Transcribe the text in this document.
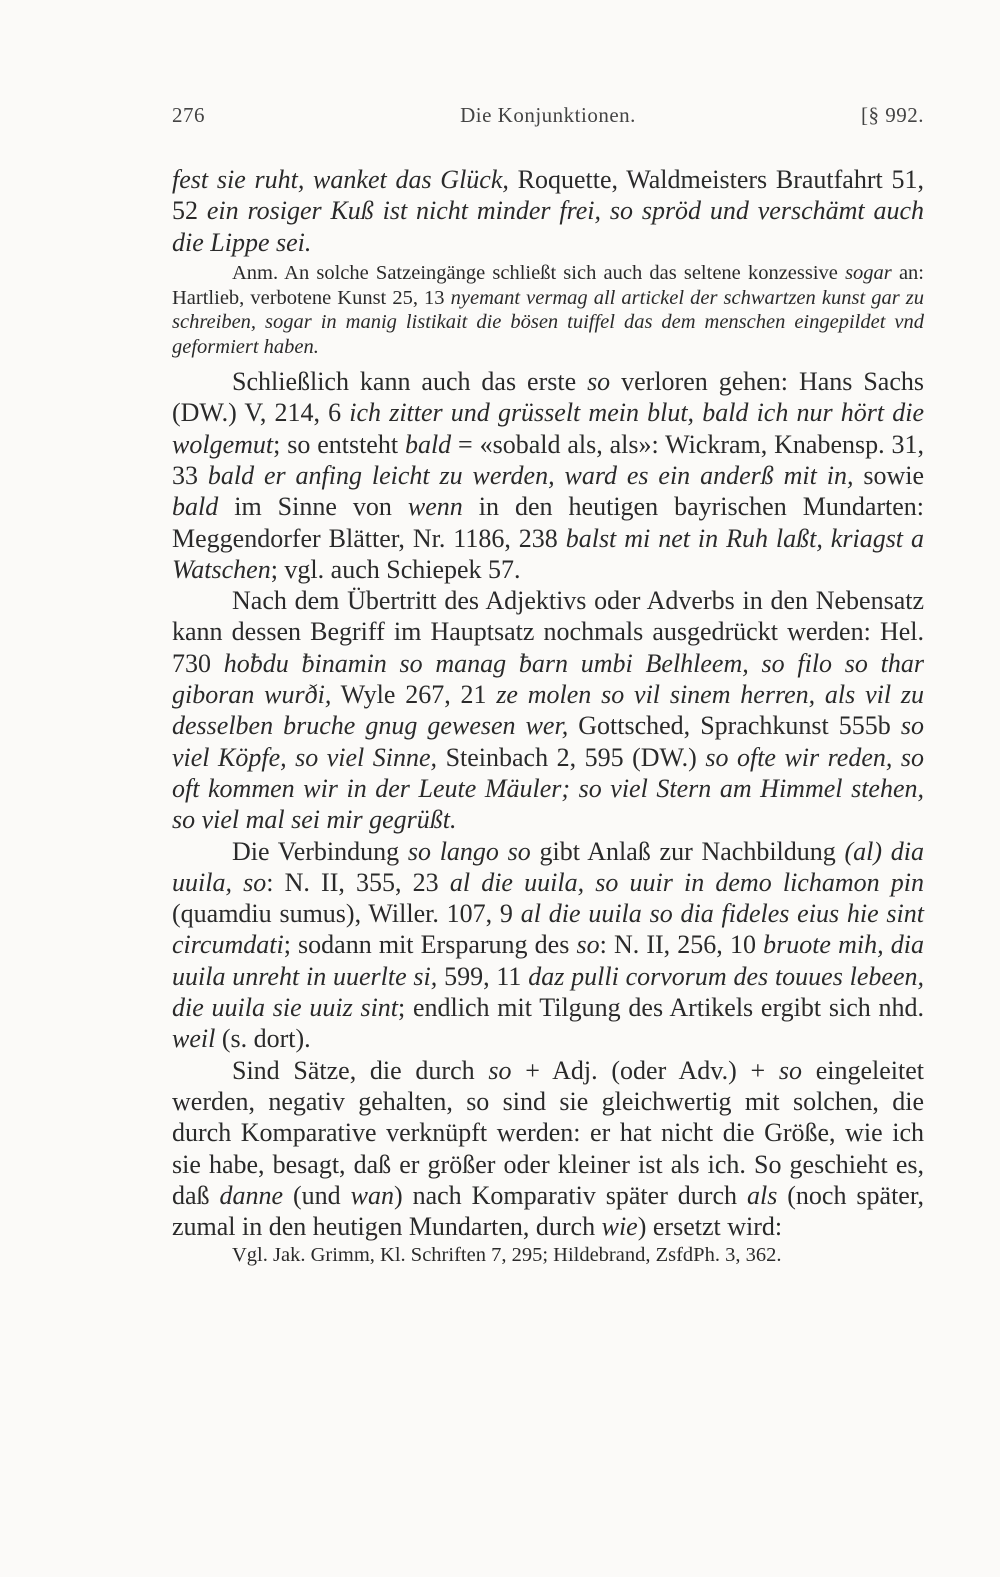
276	Die Konjunktionen.	[§ 992.

fest sie ruht, wanket das Glück, Roquette, Waldmeisters Brautfahrt 51, 52 ein rosiger Kuß ist nicht minder frei, so spröd und verschämt auch die Lippe sei.

Anm. An solche Satzeingänge schließt sich auch das seltene konzessive sogar an: Hartlieb, verbotene Kunst 25, 13 nyemant vermag all artickel der schwartzen kunst gar zu schreiben, sogar in manig listikait die bösen tuiffel das dem menschen eingepildet vnd geformiert haben.

Schließlich kann auch das erste so verloren gehen: Hans Sachs (DW.) V, 214, 6 ich zitter und grüsselt mein blut, bald ich nur hört die wolgemut; so entsteht bald = «sobald als, als»: Wickram, Knabensp. 31, 33 bald er anfing leicht zu werden, ward es ein anderß mit in, sowie bald im Sinne von wenn in den heutigen bayrischen Mundarten: Meggendorfer Blätter, Nr. 1186, 238 balst mi net in Ruh laßt, kriagst a Watschen; vgl. auch Schiepek 57.

Nach dem Übertritt des Adjektivs oder Adverbs in den Nebensatz kann dessen Begriff im Hauptsatz nochmals ausgedrückt werden: Hel. 730 hoƀdu ƀinamin so manag ƀarn umbi Belhleem, so filo so thar giboran wurði, Wyle 267, 21 ze molen so vil sinem herren, als vil zu desselben bruche gnug gewesen wer, Gottsched, Sprachkunst 555b so viel Köpfe, so viel Sinne, Steinbach 2, 595 (DW.) so ofte wir reden, so oft kommen wir in der Leute Mäuler; so viel Stern am Himmel stehen, so viel mal sei mir gegrüßt.

Die Verbindung so lango so gibt Anlaß zur Nachbildung (al) dia uuila, so: N. II, 355, 23 al die uuila, so uuir in demo lichamon pin (quamdiu sumus), Willer. 107, 9 al die uuila so dia fideles eius hie sint circumdati; sodann mit Ersparung des so: N. II, 256, 10 bruote mih, dia uuila unreht in uuerlte si, 599, 11 daz pulli corvorum des touues lebeen, die uuila sie uuiz sint; endlich mit Tilgung des Artikels ergibt sich nhd. weil (s. dort).

Sind Sätze, die durch so + Adj. (oder Adv.) + so eingeleitet werden, negativ gehalten, so sind sie gleichwertig mit solchen, die durch Komparative verknüpft werden: er hat nicht die Größe, wie ich sie habe, besagt, daß er größer oder kleiner ist als ich. So geschieht es, daß danne (und wan) nach Komparativ später durch als (noch später, zumal in den heutigen Mundarten, durch wie) ersetzt wird:

Vgl. Jak. Grimm, Kl. Schriften 7, 295; Hildebrand, ZsfdPh. 3, 362.
